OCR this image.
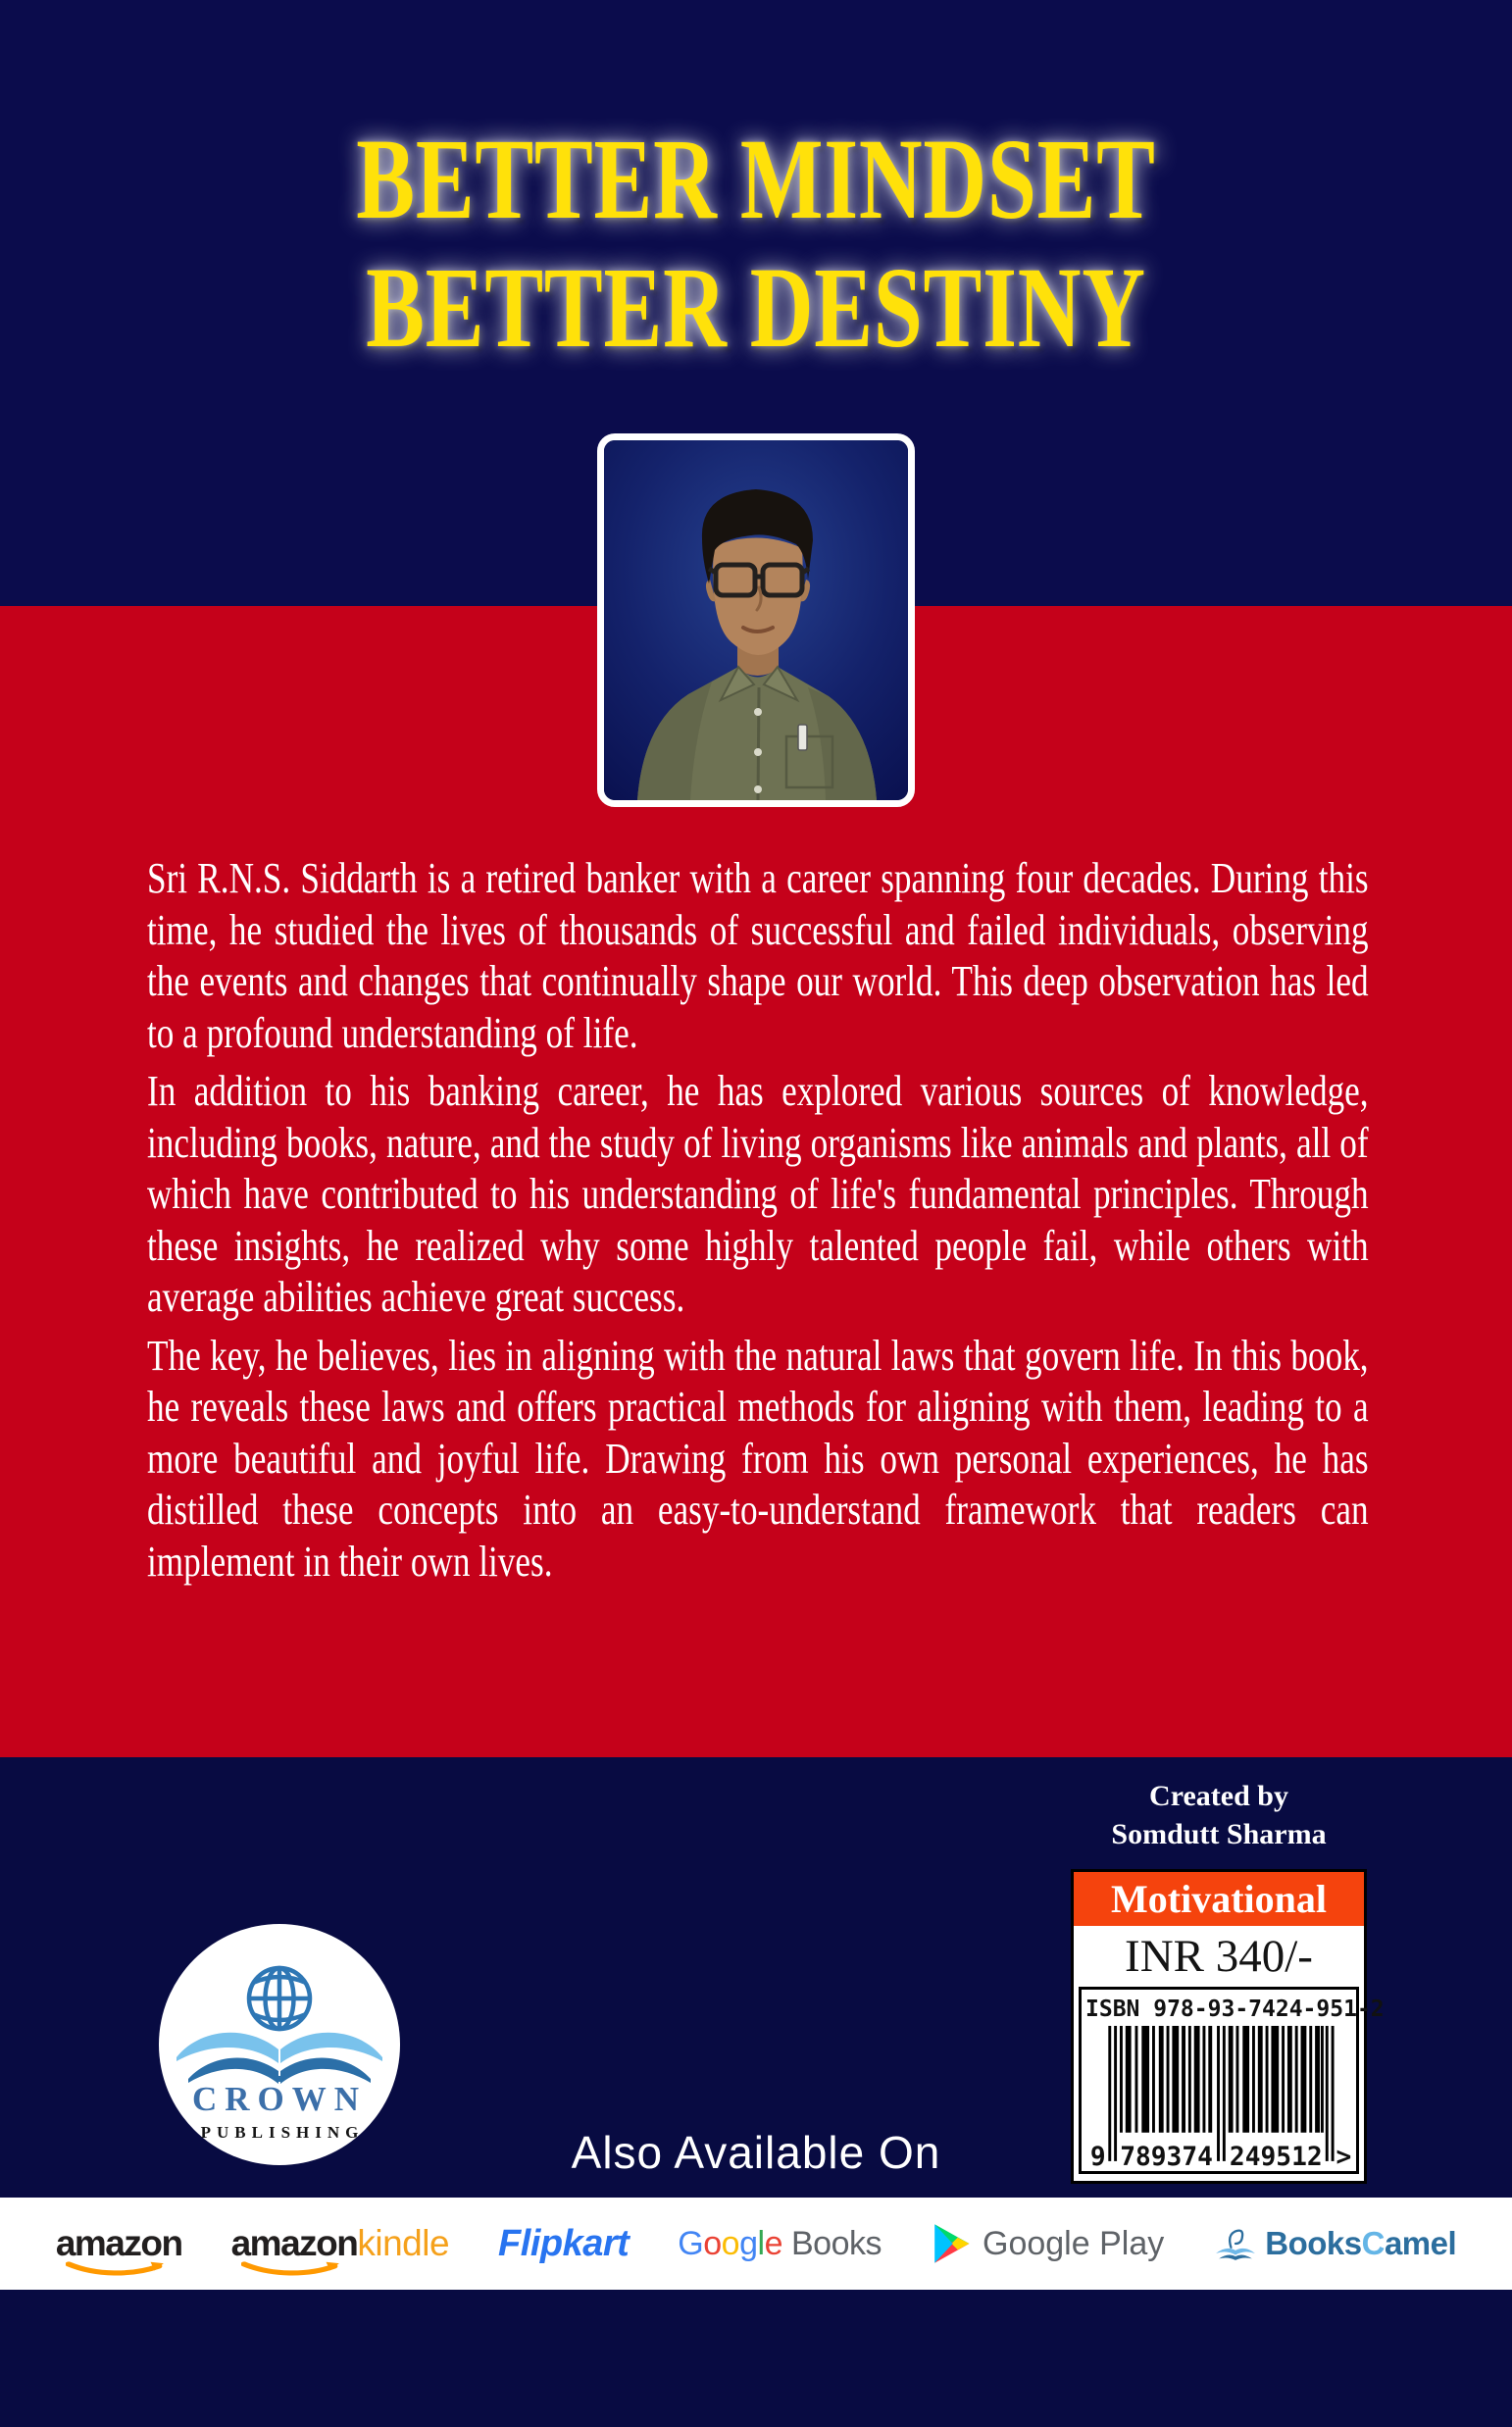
BETTER MINDSET
BETTER DESTINY

Sri R.N.S. Siddarth is a retired banker with a career spanning four decades. During this time, he studied the lives of thousands of successful and failed individuals, observing the events and changes that continually shape our world. This deep observation has led to a profound understanding of life.

In addition to his banking career, he has explored various sources of knowledge, including books, nature, and the study of living organisms like animals and plants, all of which have contributed to his understanding of life's fundamental principles. Through these insights, he realized why some highly talented people fail, while others with average abilities achieve great success.

The key, he believes, lies in aligning with the natural laws that govern life. In this book, he reveals these laws and offers practical methods for aligning with them, leading to a more beautiful and joyful life. Drawing from his own personal experiences, he has distilled these concepts into an easy-to-understand framework that readers can implement in their own lives.

Created by
Somdutt Sharma
Motivational
INR 340/-
ISBN 978-93-7424-951-2
9 789374 249512 >
CROWN
PUBLISHING	Also Available On
amazon amazon
kindle Flipkart Google Books	Google Play	BooksCamel
